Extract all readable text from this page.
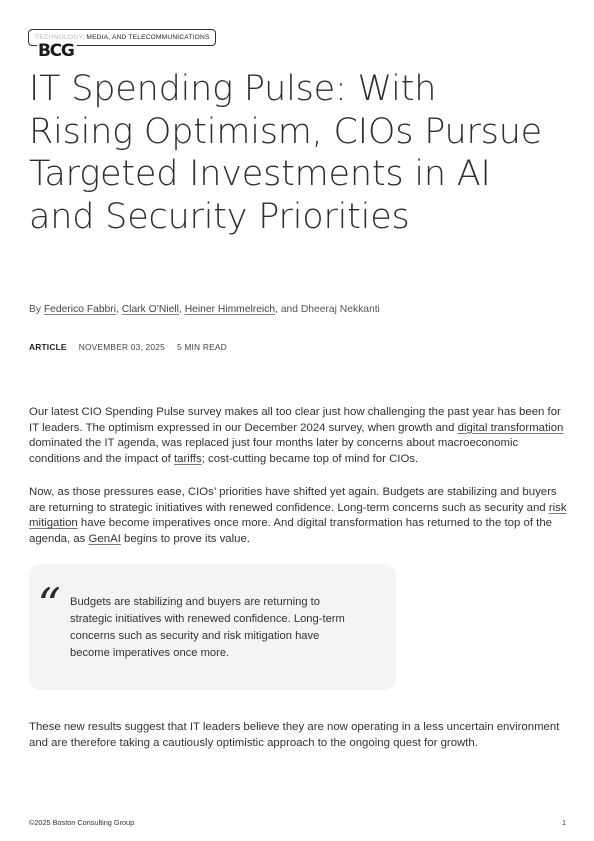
TECHNOLOGY, MEDIA, AND TELECOMMUNICATIONS
BCG
IT Spending Pulse: With Rising Optimism, CIOs Pursue Targeted Investments in AI and Security Priorities
By Federico Fabbri, Clark O’Niell, Heiner Himmelreich, and Dheeraj Nekkanti
ARTICLE NOVEMBER 03, 2025 5 MIN READ

Our latest CIO Spending Pulse survey makes all too clear just how challenging the past year has been for IT leaders. The optimism expressed in our December 2024 survey, when growth and digital transformation dominated the IT agenda, was replaced just four months later by concerns about macroeconomic conditions and the impact of tariffs; cost-cutting became top of mind for CIOs.

Now, as those pressures ease, CIOs’ priorities have shifted yet again. Budgets are stabilizing and buyers are returning to strategic initiatives with renewed confidence. Long-term concerns such as security and risk mitigation have become imperatives once more. And digital transformation has returned to the top of the agenda, as GenAI begins to prove its value.

“ Budgets are stabilizing and buyers are returning to strategic initiatives with renewed confidence. Long-term concerns such as security and risk mitigation have become imperatives once more.

These new results suggest that IT leaders believe they are now operating in a less uncertain environment and are therefore taking a cautiously optimistic approach to the ongoing quest for growth.

©2025 Boston Consulting Group	1
